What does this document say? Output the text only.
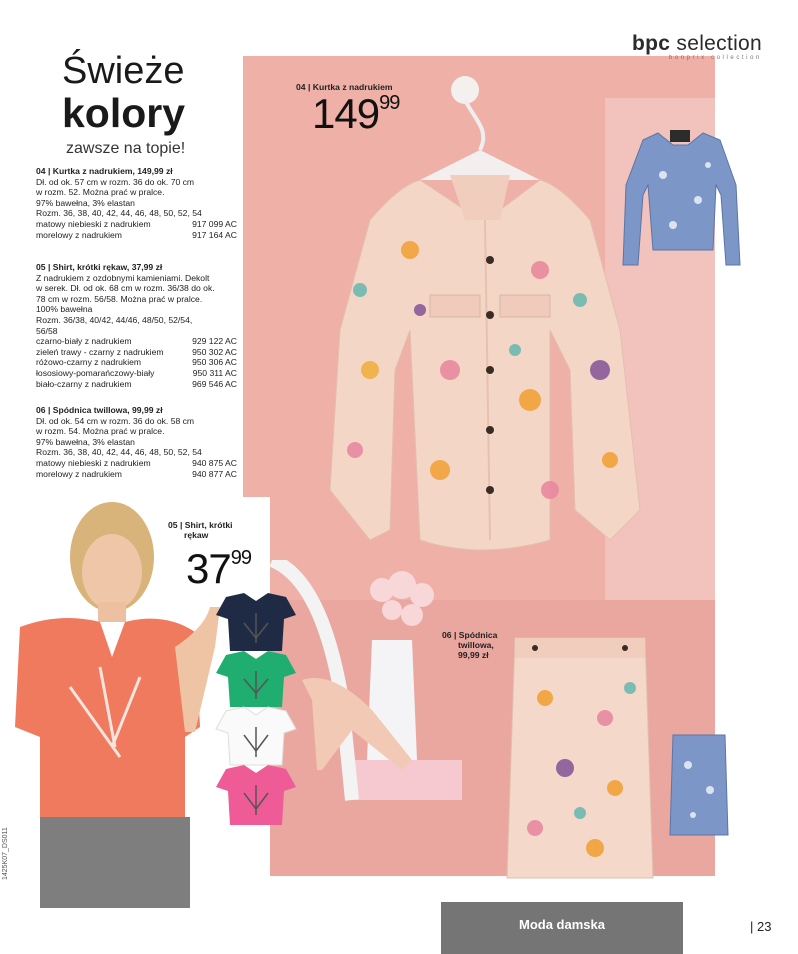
bpc selection
bonprix collection
Świeże
kolory
zawsze na topie!
04 | Kurtka z nadrukiem, 149,99 zł
Dł. od ok. 57 cm w rozm. 36 do ok. 70 cm
w rozm. 52. Można prać w pralce.
97% bawełna, 3% elastan
Rozm. 36, 38, 40, 42, 44, 46, 48, 50, 52, 54
matowy niebieski z nadrukiem	917 099 AC
morelowy z nadrukiem	917 164 AC
05 | Shirt, krótki rękaw, 37,99 zł
Z nadrukiem z ozdobnymi kamieniami. Dekolt
w serek. Dł. od ok. 68 cm w rozm. 36/38 do ok.
78 cm w rozm. 56/58. Można prać w pralce.
100% bawełna
Rozm. 36/38, 40/42, 44/46, 48/50, 52/54,
56/58
czarno-biały z nadrukiem	929 122 AC
zieleń trawy - czarny z nadrukiem	950 302 AC
różowo-czarny z nadrukiem	950 306 AC
łososiowy-pomarańczowy-biały	950 311 AC
biało-czarny z nadrukiem	969 546 AC
06 | Spódnica twillowa, 99,99 zł
Dł. od ok. 54 cm w rozm. 36 do ok. 58 cm
w rozm. 54. Można prać w pralce.
97% bawełna, 3% elastan
Rozm. 36, 38, 40, 42, 44, 46, 48, 50, 52, 54
matowy niebieski z nadrukiem	940 875 AC
morelowy z nadrukiem	940 877 AC
04 | Kurtka z nadrukiem
$149^{99}$
06 | Spódnica
twillowa,
99,99 zł
05 | Shirt, krótki
rękaw
$37^{99}$
Moda damska	| 23
1425K07_DS011
